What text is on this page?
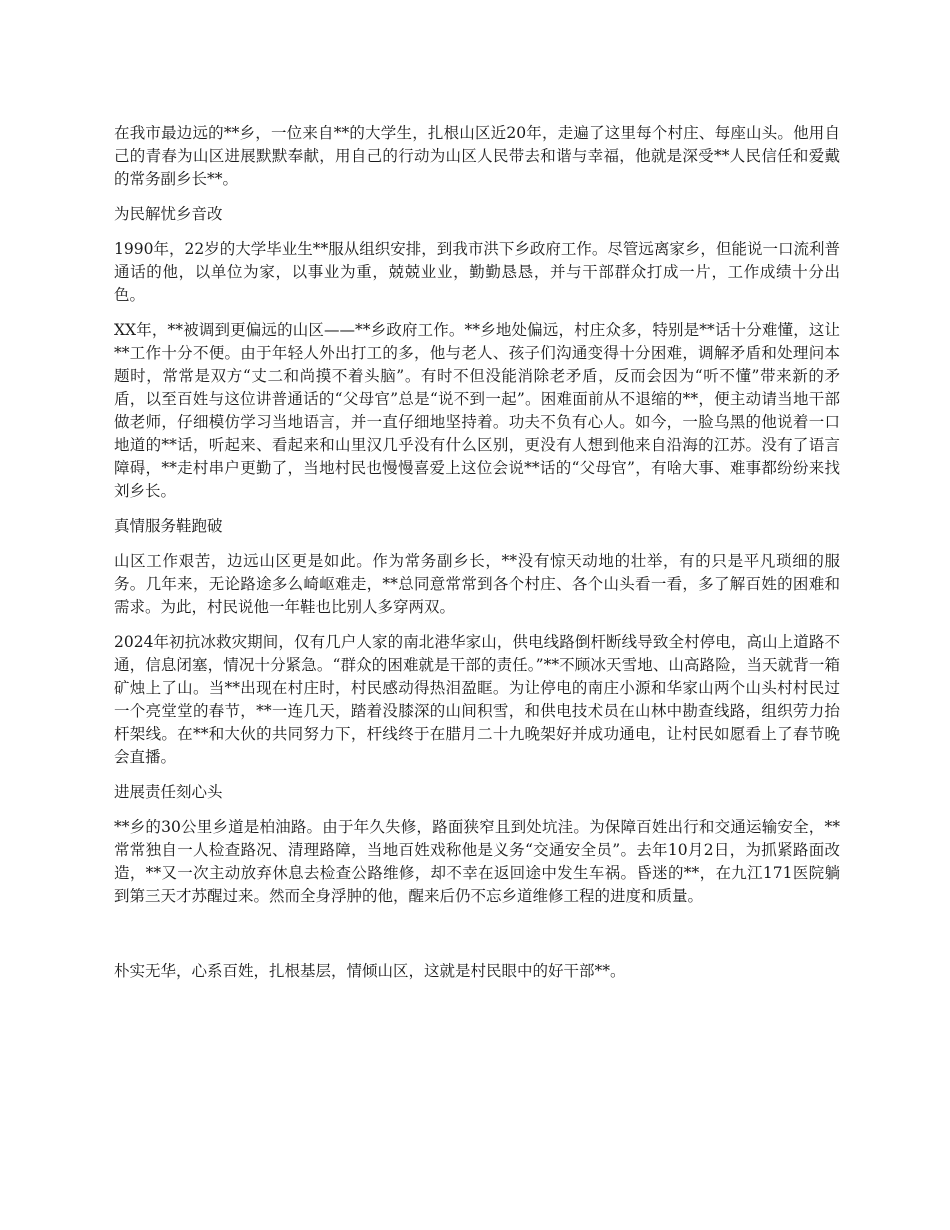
在我市最边远的**乡，一位来自**的大学生，扎根山区近20年，走遍了这里每个村庄、每座山头。他用自己的青春为山区进展默默奉献，用自己的行动为山区人民带去和谐与幸福，他就是深受**人民信任和爱戴的常务副乡长**。

为民解忧乡音改

1990年，22岁的大学毕业生**服从组织安排，到我市洪下乡政府工作。尽管远离家乡，但能说一口流利普通话的他，以单位为家，以事业为重，兢兢业业，勤勤恳恳，并与干部群众打成一片，工作成绩十分出色。

XX年，**被调到更偏远的山区——**乡政府工作。**乡地处偏远，村庄众多，特别是**话十分难懂，这让**工作十分不便。由于年轻人外出打工的多，他与老人、孩子们沟通变得十分困难，调解矛盾和处理问本题时，常常是双方“丈二和尚摸不着头脑”。有时不但没能消除老矛盾，反而会因为“听不懂”带来新的矛盾，以至百姓与这位讲普通话的“父母官”总是“说不到一起”。困难面前从不退缩的**，便主动请当地干部做老师，仔细模仿学习当地语言，并一直仔细地坚持着。功夫不负有心人。如今，一脸乌黑的他说着一口地道的**话，听起来、看起来和山里汉几乎没有什么区别，更没有人想到他来自沿海的江苏。没有了语言障碍，**走村串户更勤了，当地村民也慢慢喜爱上这位会说**话的“父母官”，有啥大事、难事都纷纷来找刘乡长。

真情服务鞋跑破

山区工作艰苦，边远山区更是如此。作为常务副乡长，**没有惊天动地的壮举，有的只是平凡琐细的服务。几年来，无论路途多么崎岖难走，**总同意常常到各个村庄、各个山头看一看，多了解百姓的困难和需求。为此，村民说他一年鞋也比别人多穿两双。

2024年初抗冰救灾期间，仅有几户人家的南北港华家山，供电线路倒杆断线导致全村停电，高山上道路不通，信息闭塞，情况十分紧急。“群众的困难就是干部的责任。”**不顾冰天雪地、山高路险，当天就背一箱矿烛上了山。当**出现在村庄时，村民感动得热泪盈眶。为让停电的南庄小源和华家山两个山头村村民过一个亮堂堂的春节，**一连几天，踏着没膝深的山间积雪，和供电技术员在山林中勘查线路，组织劳力抬杆架线。在**和大伙的共同努力下，杆线终于在腊月二十九晚架好并成功通电，让村民如愿看上了春节晚会直播。

进展责任刻心头

**乡的30公里乡道是柏油路。由于年久失修，路面狭窄且到处坑洼。为保障百姓出行和交通运输安全，**常常独自一人检查路况、清理路障，当地百姓戏称他是义务“交通安全员”。去年10月2日，为抓紧路面改造，**又一次主动放弃休息去检查公路维修，却不幸在返回途中发生车祸。昏迷的**，在九江171医院躺到第三天才苏醒过来。然而全身浮肿的他，醒来后仍不忘乡道维修工程的进度和质量。

朴实无华，心系百姓，扎根基层，情倾山区，这就是村民眼中的好干部**。
